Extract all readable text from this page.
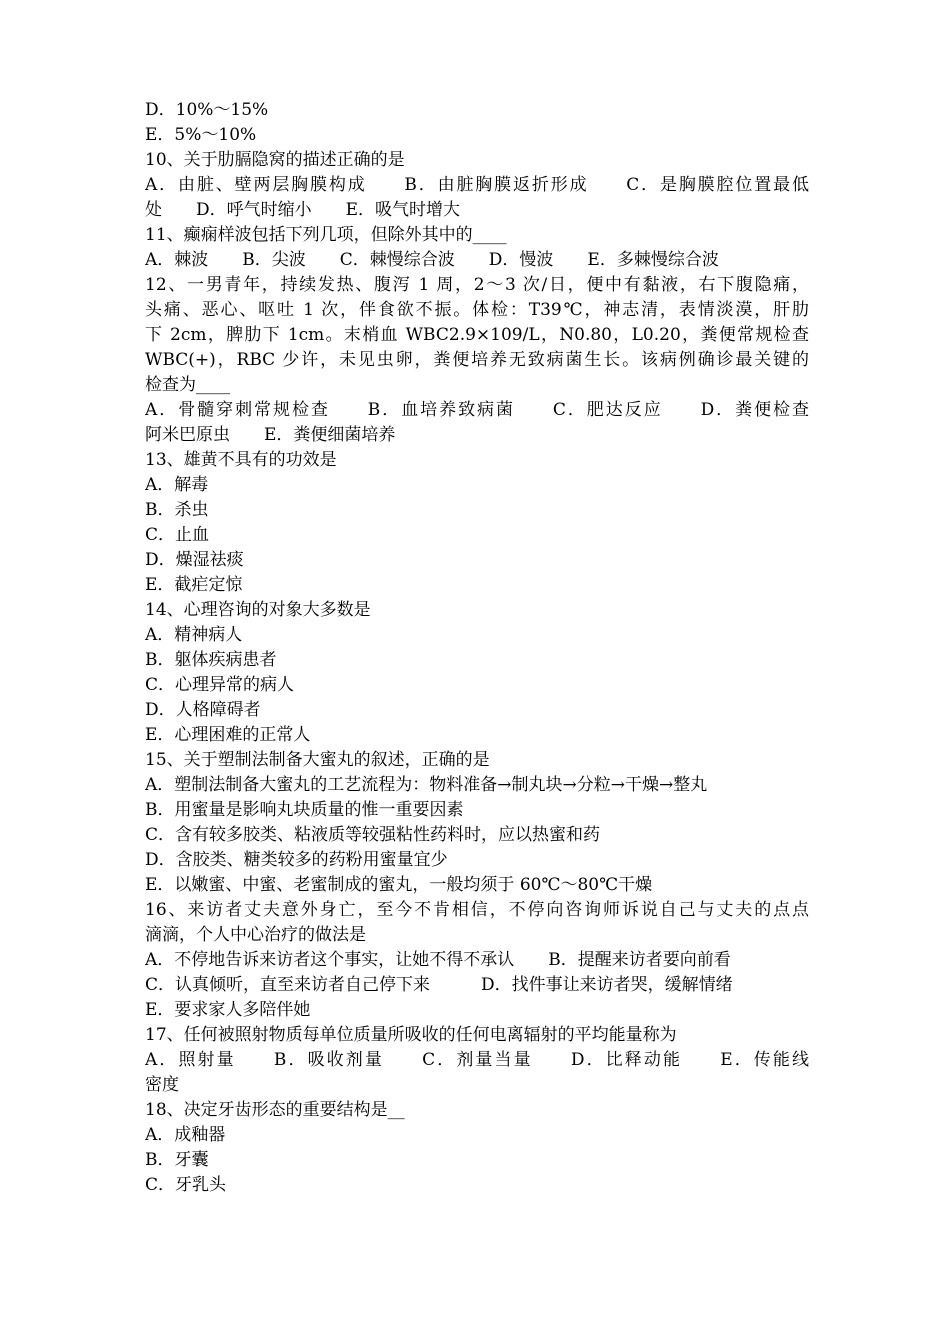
D．10%～15%
E．5%～10%
10、关于肋膈隐窝的描述正确的是
A．由脏、壁两层胸膜构成　　B．由脏胸膜返折形成　　C．是胸膜腔位置最低
处　　D．呼气时缩小　　E．吸气时增大
11、癫痫样波包括下列几项，但除外其中的____
A．棘波　　B．尖波　　C．棘慢综合波　　D．慢波　　E．多棘慢综合波
12、一男青年，持续发热、腹泻 1 周，2～3 次/日，便中有黏液，右下腹隐痛，
头痛、恶心、呕吐 1 次，伴食欲不振。体检：T39℃，神志清，表情淡漠，肝肋
下 2cm，脾肋下 1cm。末梢血 WBC2.9×109/L，N0.80，L0.20，粪便常规检查
WBC(+)，RBC 少许，未见虫卵，粪便培养无致病菌生长。该病例确诊最关键的
检查为____
A．骨髓穿刺常规检查　　B．血培养致病菌　　C．肥达反应　　D．粪便检查
阿米巴原虫　　E．粪便细菌培养
13、雄黄不具有的功效是
A．解毒
B．杀虫
C．止血
D．燥湿祛痰
E．截疟定惊
14、心理咨询的对象大多数是
A．精神病人
B．躯体疾病患者
C．心理异常的病人
D．人格障碍者
E．心理困难的正常人
15、关于塑制法制备大蜜丸的叙述，正确的是
A．塑制法制备大蜜丸的工艺流程为：物料准备→制丸块→分粒→干燥→整丸
B．用蜜量是影响丸块质量的惟一重要因素
C．含有较多胶类、粘液质等较强粘性药料时，应以热蜜和药
D．含胶类、糖类较多的药粉用蜜量宜少
E．以嫩蜜、中蜜、老蜜制成的蜜丸，一般均须于 60℃～80℃干燥
16、来访者丈夫意外身亡，至今不肯相信，不停向咨询师诉说自己与丈夫的点点
滴滴，个人中心治疗的做法是
A．不停地告诉来访者这个事实，让她不得不承认　　B．提醒来访者要向前看
C．认真倾听，直至来访者自己停下来　　　D．找件事让来访者哭，缓解情绪
E．要求家人多陪伴她
17、任何被照射物质每单位质量所吸收的任何电离辐射的平均能量称为
A．照射量　　B．吸收剂量　　C．剂量当量　　D．比释动能　　E．传能线
密度
18、决定牙齿形态的重要结构是__
A．成釉器
B．牙囊
C．牙乳头
